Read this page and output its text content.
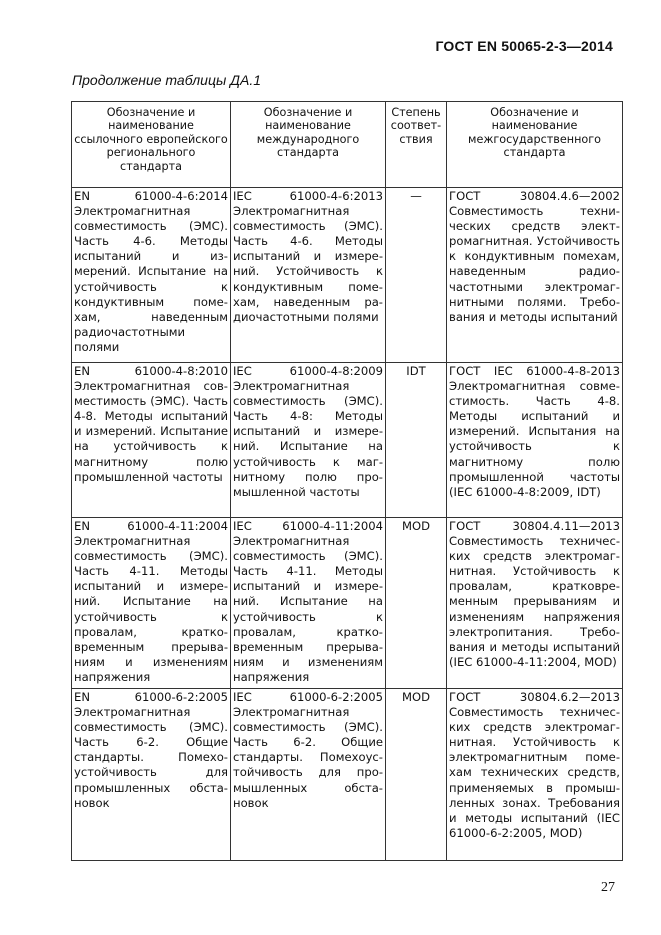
ГОСТ EN 50065-2-3—2014
Продолжение таблицы ДА.1
Обозначение и наименование ссылочного европейского регионального стандарта	Обозначение и наименование международного стандарта	Степень соответ-ствия	Обозначение и наименование межгосударственного стандарта
EN 61000-4-6:2014 Электромагнитная совместимость (ЭМС). Часть 4-6. Методы испытаний и из-мерений. Испытание на устойчивость к кондуктивным поме-хам, наведенным радиочастотными полями	IEC 61000-4-6:2013 Электромагнитная совместимость (ЭМС). Часть 4-6. Методы испытаний и измере-ний. Устойчивость к кондуктивным поме-хам, наведенным ра-диочастотными полями	—	ГОСТ 30804.4.6—2002 Совместимость техни-ческих средств элект-ромагнитная. Устойчивость к кондуктивным помехам, наведенным радио-частотными электромаг-нитными полями. Требо-вания и методы испытаний
EN 61000-4-8:2010 Электромагнитная сов-местимость (ЭМС). Часть 4-8. Методы испытаний и измерений. Испытание на устойчивость к магнитному полю промышленной частоты	IEC 61000-4-8:2009 Электромагнитная совместимость (ЭМС). Часть 4-8: Методы испытаний и измере-ний. Испытание на устойчивость к маг-нитному полю про-мышленной частоты	IDT	ГОСТ IEC 61000-4-8-2013 Электромагнитная совме-стимость. Часть 4-8. Методы испытаний и измерений. Испытания на устойчивость к магнитному полю промышленной частоты (IEC 61000-4-8:2009, IDT)
EN 61000-4-11:2004 Электромагнитная совместимость (ЭМС). Часть 4-11. Методы испытаний и измере-ний. Испытание на устойчивость к провалам, кратко-временным прерыва-ниям и изменениям напряжения	IEC 61000-4-11:2004 Электромагнитная совместимость (ЭМС). Часть 4-11. Методы испытаний и измере-ний. Испытание на устойчивость к провалам, кратко-временным прерыва-ниям и изменениям напряжения	MOD	ГОСТ 30804.4.11—2013 Совместимость техничес-ких средств электромаг-нитная. Устойчивость к провалам, кратковре-менным прерываниям и изменениям напряжения электропитания. Требо-вания и методы испытаний (IEC 61000-4-11:2004, MOD)
EN 61000-6-2:2005 Электромагнитная совместимость (ЭМС). Часть 6-2. Общие стандарты. Помехо-устойчивость для промышленных обста-новок	IEC 61000-6-2:2005 Электромагнитная совместимость (ЭМС). Часть 6-2. Общие стандарты. Помехоус-тойчивость для про-мышленных обста-новок	MOD	ГОСТ 30804.6.2—2013 Совместимость техничес-ких средств электромаг-нитная. Устойчивость к электромагнитным поме-хам технических средств, применяемых в промыш-ленных зонах. Требования и методы испытаний (IEC 61000-6-2:2005, MOD)
27
